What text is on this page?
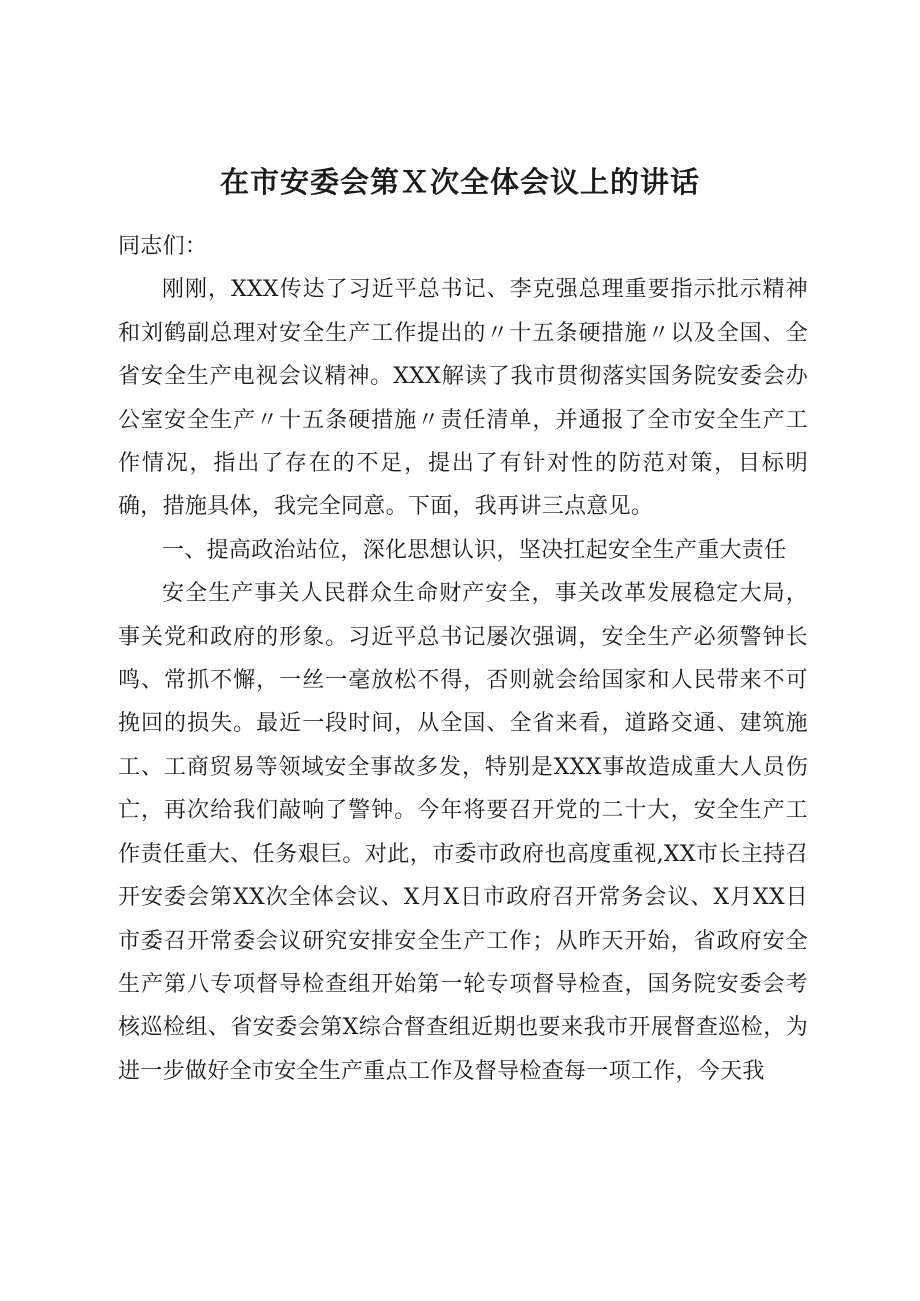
在市安委会第Ｘ次全体会议上的讲话

同志们：

刚刚，XXX传达了习近平总书记、李克强总理重要指示批示精神和刘鹤副总理对安全生产工作提出的〃十五条硬措施〃以及全国、全省安全生产电视会议精神。XXX解读了我市贯彻落实国务院安委会办公室安全生产〃十五条硬措施〃责任清单，并通报了全市安全生产工作情况，指出了存在的不足，提出了有针对性的防范对策，目标明确，措施具体，我完全同意。下面，我再讲三点意见。

一、提高政治站位，深化思想认识，坚决扛起安全生产重大责任

安全生产事关人民群众生命财产安全，事关改革发展稳定大局，事关党和政府的形象。习近平总书记屡次强调，安全生产必须警钟长鸣、常抓不懈，一丝一毫放松不得，否则就会给国家和人民带来不可挽回的损失。最近一段时间，从全国、全省来看，道路交通、建筑施工、工商贸易等领域安全事故多发，特别是XXX事故造成重大人员伤亡，再次给我们敲响了警钟。今年将要召开党的二十大，安全生产工作责任重大、任务艰巨。对此，市委市政府也高度重视,XX市长主持召开安委会第XX次全体会议、X月X日市政府召开常务会议、X月XX日市委召开常委会议研究安排安全生产工作；从昨天开始，省政府安全生产第八专项督导检查组开始第一轮专项督导检查，国务院安委会考核巡检组、省安委会第X综合督查组近期也要来我市开展督查巡检，为进一步做好全市安全生产重点工作及督导检查每一项工作，今天我
